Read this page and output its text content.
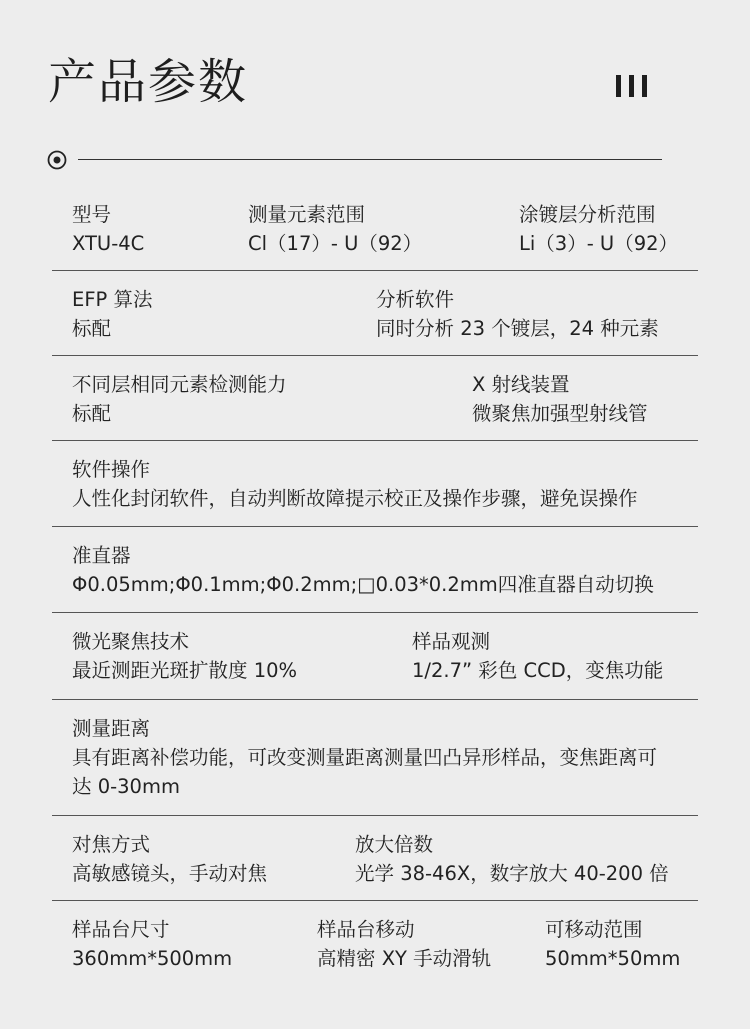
产品参数
型号
XTU-4C
测量元素范围
Cl（17）- U（92）
涂镀层分析范围
Li（3）- U（92）
EFP 算法
标配
分析软件
同时分析 23 个镀层，24 种元素
不同层相同元素检测能力
标配
X 射线装置
微聚焦加强型射线管
软件操作
人性化封闭软件，自动判断故障提示校正及操作步骤，避免误操作
准直器
Φ0.05mm;Φ0.1mm;Φ0.2mm;□0.03*0.2mm四准直器自动切换
微光聚焦技术
最近测距光斑扩散度 10%
样品观测
1/2.7” 彩色 CCD，变焦功能
测量距离
具有距离补偿功能，可改变测量距离测量凹凸异形样品，变焦距离可达 0-30mm
对焦方式
高敏感镜头，手动对焦
放大倍数
光学 38-46X，数字放大 40-200 倍
样品台尺寸
360mm*500mm
样品台移动
高精密 XY 手动滑轨
可移动范围
50mm*50mm
